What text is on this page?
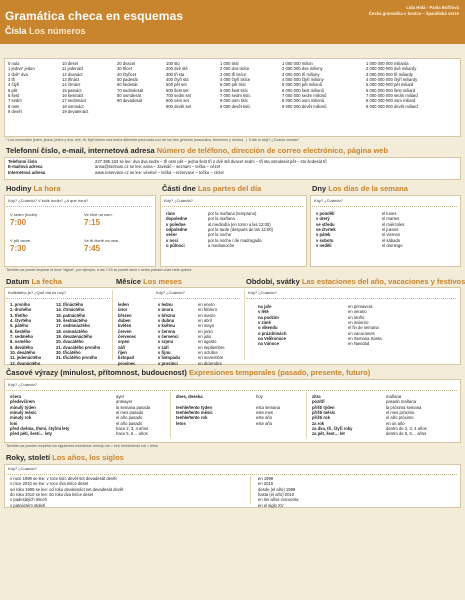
Gramática checa en esquemas
Lida Holá · Pavla Bořilová
Česká gramatika v kostce – španělská verze
Čísla Los números
0 nula
1 jedna* jeden
2 dvě* dva
3 tři
4 čtyři
5 pět
6 šest
7 sedm
8 osm
9 devět
10 deset
11 jedenáct
12 dvanáct
13 třináct
14 čtrnáct
15 patnáct
16 šestnáct
17 sedmnáct
18 osmnáct
19 devatenáct
20 dvacet
30 třicet
40 čtyřicet
50 padesát
60 šedesát
70 sedmdesát
80 osmdesát
90 devadesát
100 sto
200 dvě stě
300 tři sta
400 čtyři sta
500 pět set
600 šest set
700 sedm set
800 osm set
900 devět set
1 000 tisíc
2 000 dva tisíce
3 000 tři tisíce
4 000 čtyři tisíce
5 000 pět tisíc
6 000 šest tisíc
7 000 sedm tisíc
8 000 osm tisíc
9 000 devět tisíc
1 000 000 milion
2 000 000 dva miliony
3 000 000 tři miliony
4 000 000 čtyři miliony
5 000 000 pět milionů
6 000 000 šest milionů
7 000 000 sedm milionů
8 000 000 osm milionů
9 000 000 devět milionů
1 000 000 000 miliarda
2 000 000 000 dvě miliardy
3 000 000 000 tři miliardy
4 000 000 000 čtyři miliardy
5 000 000 000 pět miliard
6 000 000 000 šest miliard
7 000 000 000 sedm miliard
8 000 000 000 osm miliard
9 000 000 000 devět miliard
* Los numerales jeden, jedna, jedno y dva, dvě, tři, čtyři tienen una forma diferente para cada uno de los tres géneros (masculino, femenino y neutro).  |  Kolik to stojí? ¿Cuánto cuesta?
Telefonní číslo, e-mail, internetová adresa Número de teléfono, dirección de correo electrónico, página web
Telefonní číslo
E-mailová adresa
Internetová adresa
227 385 163 se lee: dva dva sedm – tři osm pět – jedna šest tři o dvě stě dvacet sedm – tři sta osmdesát pět – sto šedesát tři
anna@seznam.cz se lee: anna – zavináč – seznam – tečka – cézet
www.reservace.cz se lee: vévévé – tečka – rezervace – tečka – cézet
Hodiny La hora
Kdy? ¿Cuándo? V kolik hodin? ¿A qué hora?
V sedm (hodin).
7:00
Ve čtvrt na osm.
7:15
V půl osmé.
7:30
Ve tři čtvrtě na osm.
7:45
Části dne Las partes del día
Kdy? ¿Cuándo?
ráno
dopoledne
v poledne
odpoledne
večer
v noci
o půlnoci
por la mañana (temprano)
por la mañana
al mediodía (en torno a las 12:00)
por la tarde (después de las 12:00)
por la noche
por la noche / de madrugada
a medianoche
Dny Los días de la semana
Kdy? ¿Cuándo?
v pondělí
v úterý
ve středu
ve čtvrtek
v pátek
v sobotu
v neděli
el lunes
el martes
el miércoles
el jueves
el viernes
el sábado
el domingo
También se puede emplear la hora "digital", por ejemplo, a las 7:15 se puede decir v sedm patnáct a las siete quince.
Datum La fecha	Měsíce Los meses	Období, svátky Las estaciones del año, vacaciones y festivos
Kolikátého je? ¿Qué día es hoy?
1. prvního
2. druhého
3. třetího
4. čtvrtého
5. pátého
6. šestého
7. sedmého
8. osmého
9. devátého
10. desátého
11. jedenáctého
12. dvanáctého
13. třináctého
14. čtrnáctého
15. patnáctého
16. šestnáctého
17. sedmnáctého
18. osmnáctého
19. devatenáctého
20. dvacátého
21. dvacátého prvního
30. třicátého
31. třicátého prvního
leden
únor
březen
duben
květen
červen
červenec
srpen
září
říjen
listopad
prosinec
Kdy? ¿Cuándo?
v lednu
v únoru
v březnu
v dubnu
v květnu
v červnu
v červenci
v srpnu
v září
v říjnu
v listopadu
v prosinci
en enero
en febrero
en marzo
en abril
en mayo
en junio
en julio
en agosto
en septiembre
en octubre
en noviembre
en diciembre
Kdy? ¿Cuándo?
na jaře
v létě
na podzim
v zimě
o víkendu
o prázdninách
na Velikonoce
na Vánoce
en primavera
en verano
en otoño
en invierno
el fin de semana
en vacaciones
en Semana Santa
en Navidad
Časové výrazy (minulost, přítomnost, budoucnost) Expresiones temporales (pasado, presente, futuro)
Kdy? ¿Cuándo?
včera
předevčírem
minulý týden
minulý měsíc
minulý rok
loni
před dvěma, třemi, čtyřmi lety
před pěti, šesti… lety
ayer
anteayer
la semana pasada
el mes pasado
el año pasado
el año pasado
hace 2, 3, 4 años
hace 5, 6… años
dnes, dneska

tenhle/tento týden
tenhle/tento měsíc
tenhle/tento rok
letos
hoy

esta semana
este mes
este año
este año
zítra
pozítří
příští týden
příští měsíc
příští rok
za rok
za dva, tři, čtyři roky
za pět, šest… let
mañana
pasado mañana
la próxima semana
el mes próximo
el año próximo
en un año
dentro de 2, 3, 4 años
dentro de 5, 6… años
También se pueden emplear los siguientes sinónimos: minulý rok = loni, tenhle/tento rok = letos
Roky, století Los años, los siglos
Kdy? ¿Cuándo?
v roce 1999 se lee: v roce tisíc devět set devadesát devět
v roce 2010 se lee: v roce dva tisíce deset
od roku 1999 se lee: od roku devatenáct set devadesát devět
do roku 2010 se lee: do roku dva tisíce deset
v padesátých letech
v patnáctém století
en 1999
en 2010
desde (el año) 1999
hasta (el año) 2010
en los años cincuenta
en el siglo XV
